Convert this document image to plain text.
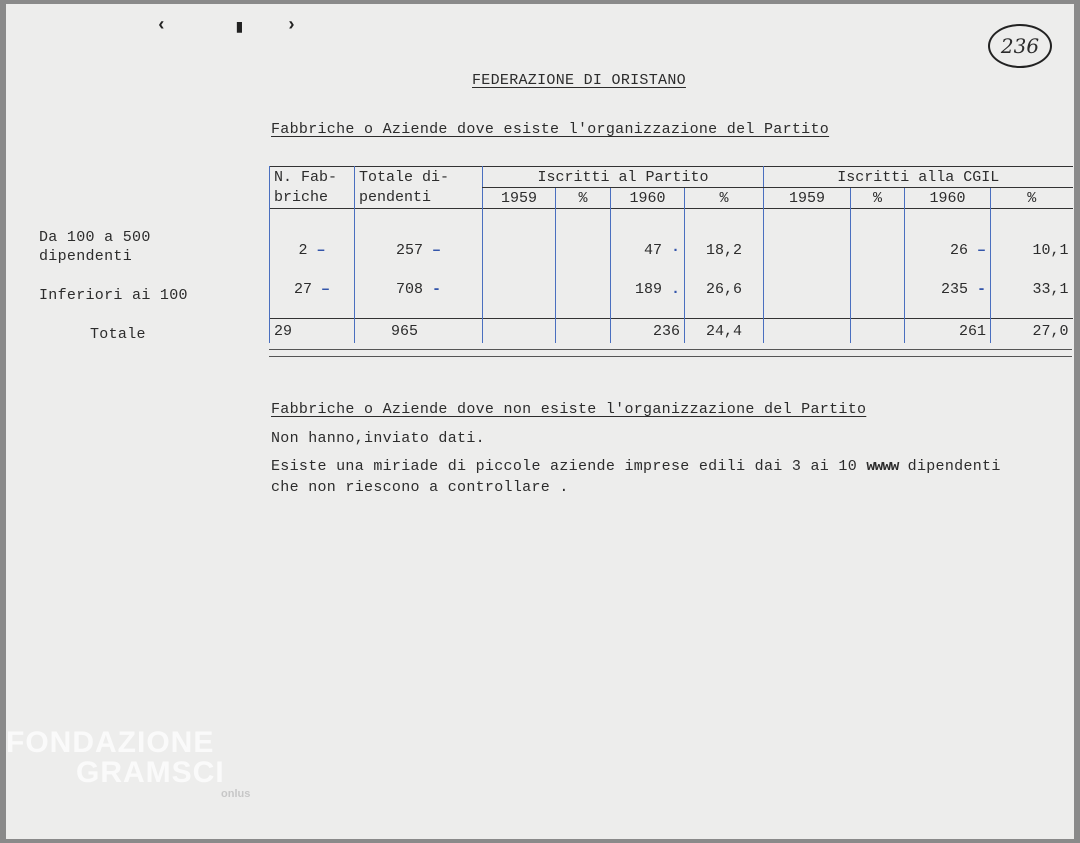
‹	▮ ›
236
FEDERAZIONE DI ORISTANO
Fabbriche o Aziende dove esiste l'organizzazione del Partito
Da 100 a 500
dipendenti
Inferiori ai 100
Totale
N. Fab-	Totale di-	Iscritti al Partito				Iscritti alla CGIL			
briche	pendenti	1959	%	1960	%	1959	%	1960	%
2 –	257 –			47 ·	18,2			26 –	10,1
27 –	708 -			189 .	26,6			235 -	33,1

29	965			236	24,4			261	27,0
Fabbriche o Aziende dove non esiste l'organizzazione del Partito
Non hanno,inviato dati.
Esiste una miriade di piccole aziende imprese edili dai 3 ai 10 wwww dipendenti
che non riescono a controllare .
FONDAZIONE
GRAMSCI
onlus
